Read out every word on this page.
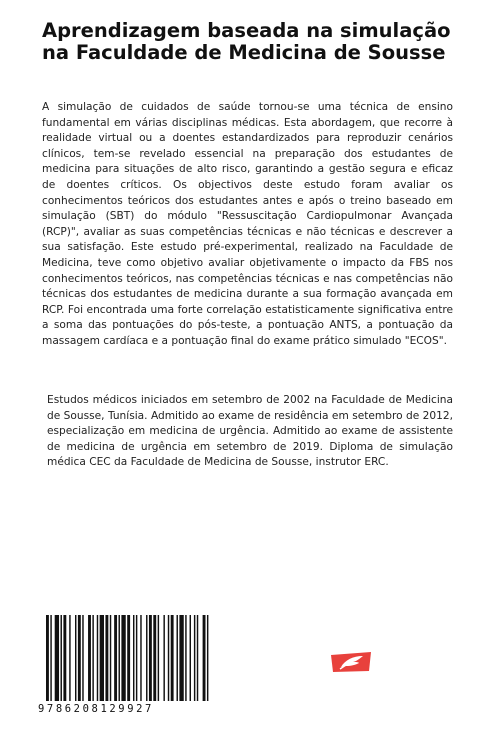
Aprendizagem baseada na simulação na Faculdade de Medicina de Sousse

A simulação de cuidados de saúde tornou-se uma técnica de ensino fundamental em várias disciplinas médicas. Esta abordagem, que recorre à realidade virtual ou a doentes estandardizados para reproduzir cenários clínicos, tem-se revelado essencial na preparação dos estudantes de medicina para situações de alto risco, garantindo a gestão segura e eficaz de doentes críticos. Os objectivos deste estudo foram avaliar os conhecimentos teóricos dos estudantes antes e após o treino baseado em simulação (SBT) do módulo "Ressuscitação Cardiopulmonar Avançada (RCP)", avaliar as suas competências técnicas e não técnicas e descrever a sua satisfação. Este estudo pré-experimental, realizado na Faculdade de Medicina, teve como objetivo avaliar objetivamente o impacto da FBS nos conhecimentos teóricos, nas competências técnicas e nas competências não técnicas dos estudantes de medicina durante a sua formação avançada em RCP. Foi encontrada uma forte correlação estatisticamente significativa entre a soma das pontuações do pós-teste, a pontuação ANTS, a pontuação da massagem cardíaca e a pontuação final do exame prático simulado "ECOS".

Estudos médicos iniciados em setembro de 2002 na Faculdade de Medicina de Sousse, Tunísia. Admitido ao exame de residência em setembro de 2012, especialização em medicina de urgência. Admitido ao exame de assistente de medicina de urgência em setembro de 2019. Diploma de simulação médica CEC da Faculdade de Medicina de Sousse, instrutor ERC.

9786208129927
